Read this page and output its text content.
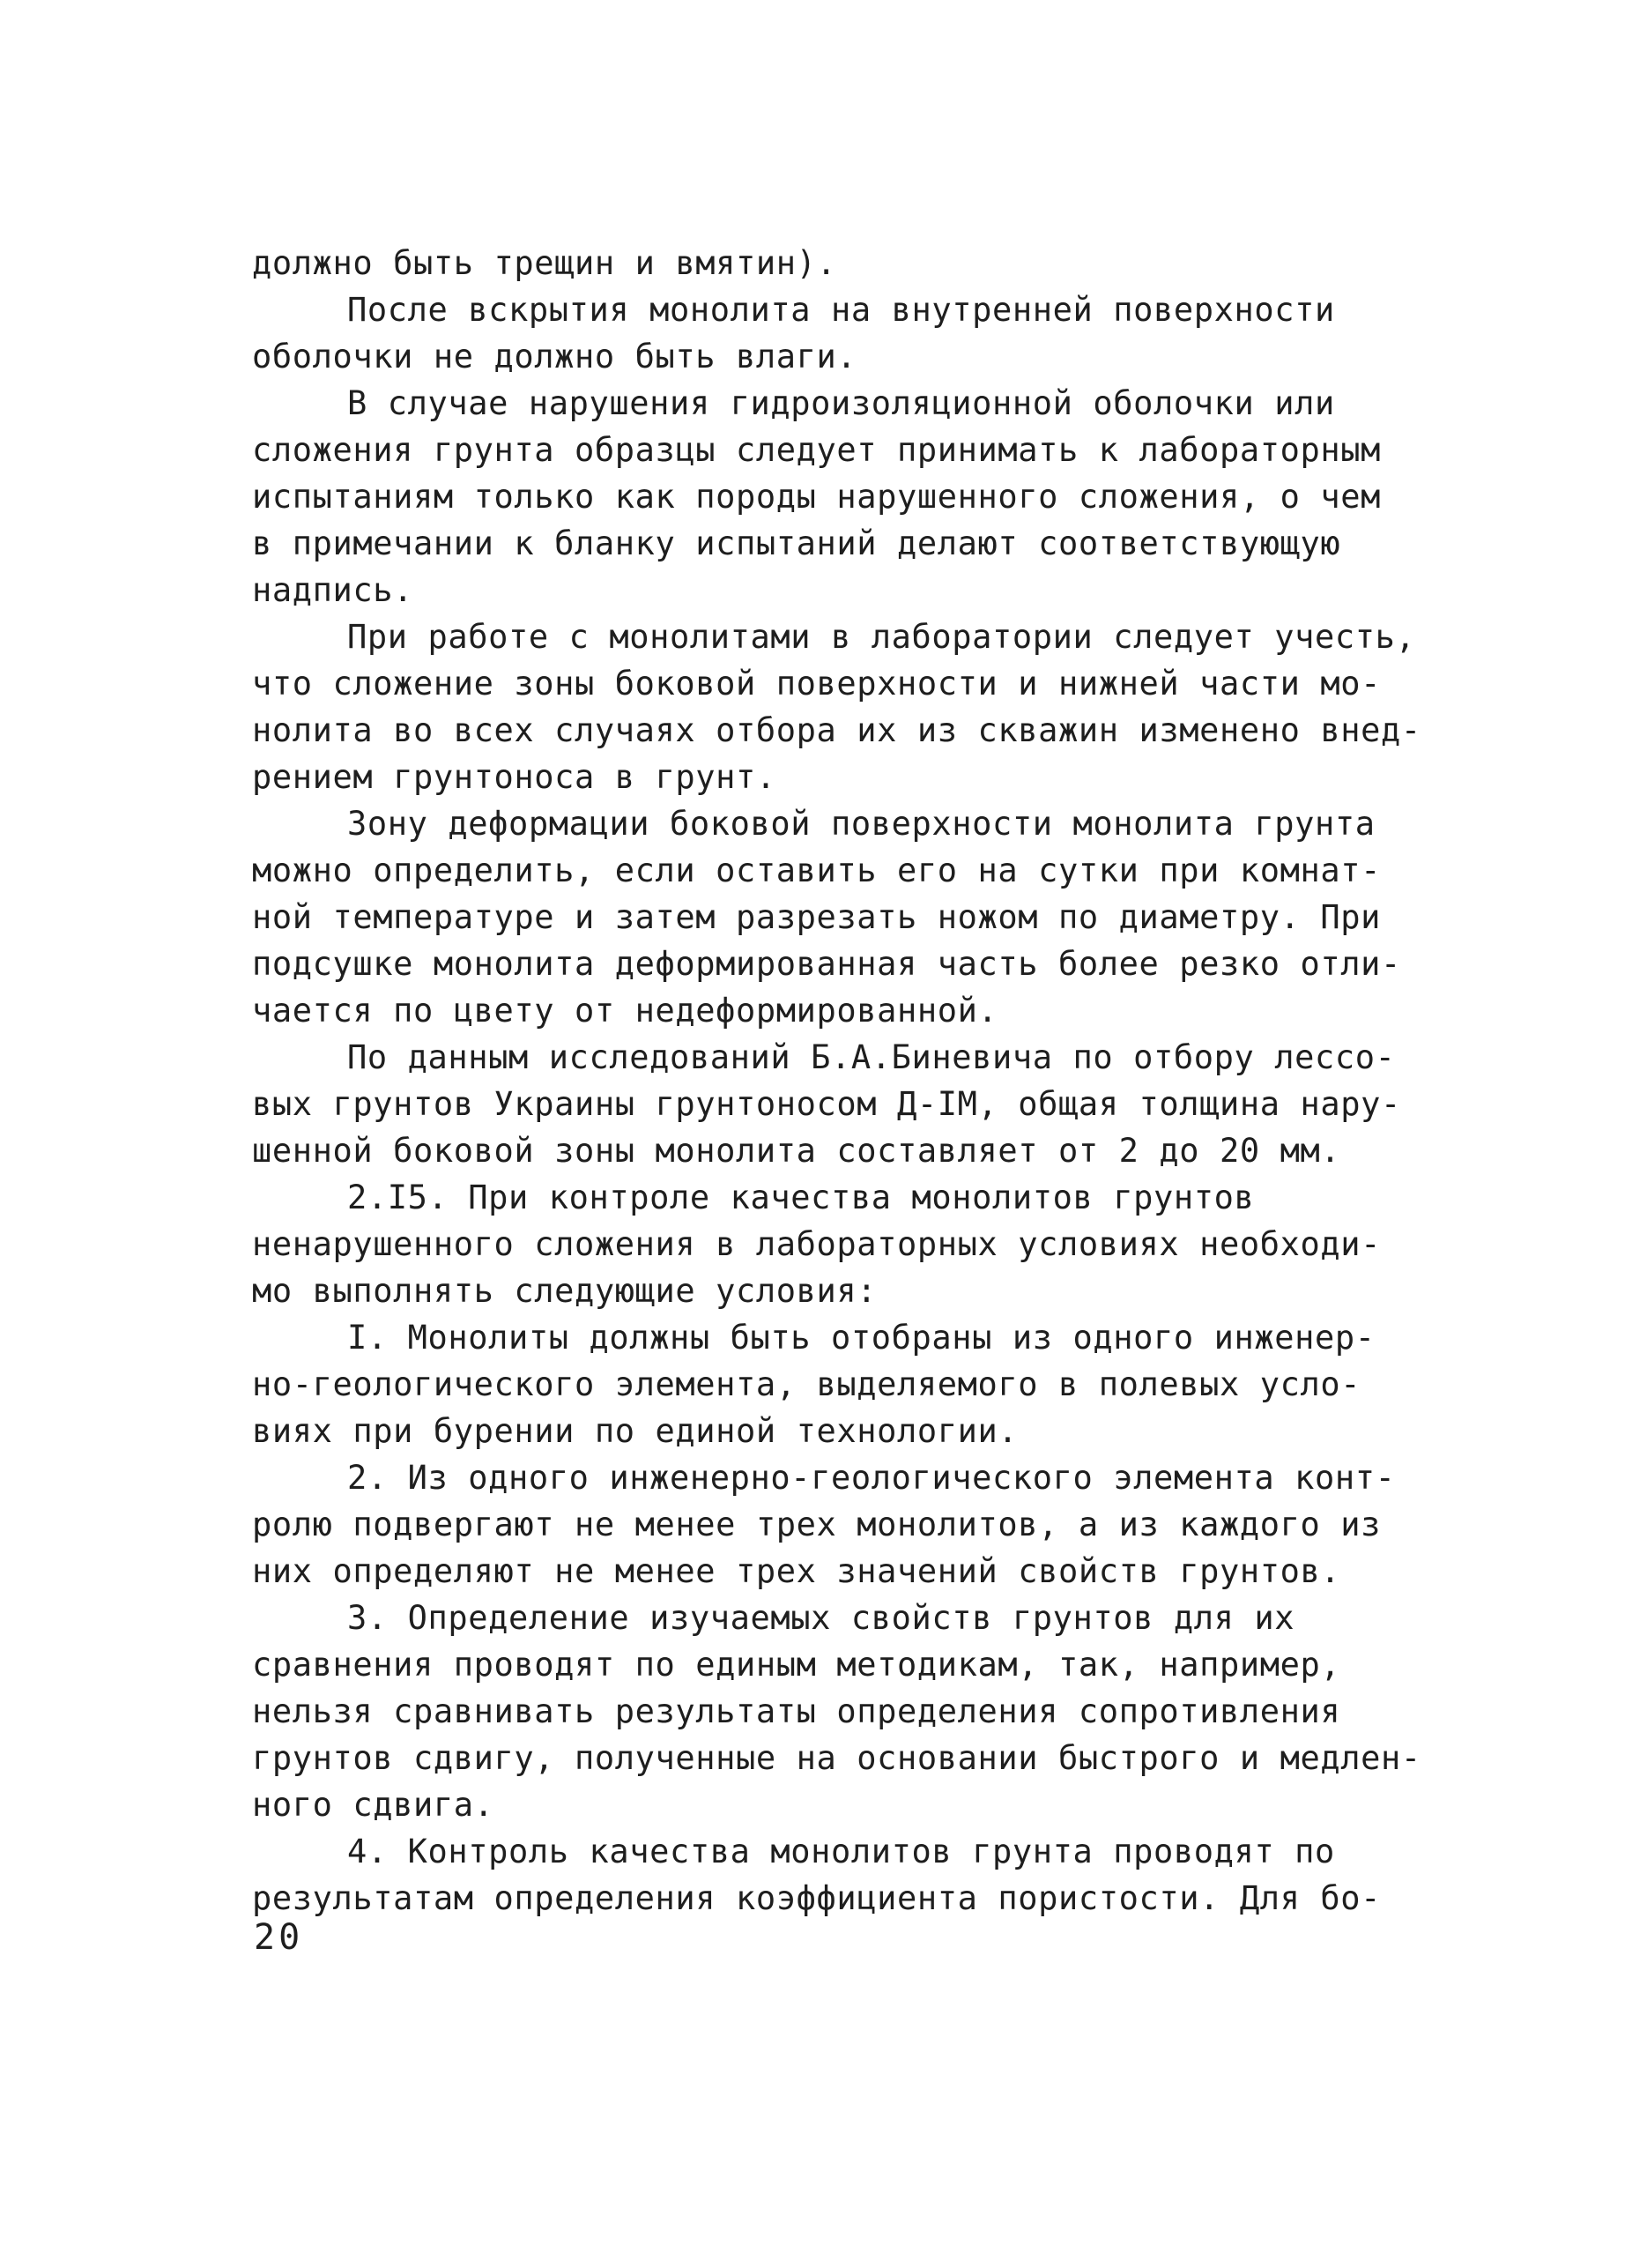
должно быть трещин и вмятин).
После вскрытия монолита на внутренней поверхности
оболочки не должно быть влаги.
В случае нарушения гидроизоляционной оболочки или
сложения грунта образцы следует принимать к лабораторным
испытаниям только как породы нарушенного сложения, о чем
в примечании к бланку испытаний делают соответствующую
надпись.
При работе с монолитами в лаборатории следует учесть,
что сложение зоны боковой поверхности и нижней части мо-
нолита во всех случаях отбора их из скважин изменено внед-
рением грунтоноса в грунт.
Зону деформации боковой поверхности монолита грунта
можно определить, если оставить его на сутки при комнат-
ной температуре и затем разрезать ножом по диаметру. При
подсушке монолита деформированная часть более резко отли-
чается по цвету от недеформированной.
По данным исследований Б.А.Биневича по отбору лессо-
вых грунтов Украины грунтоносом Д-IМ, общая толщина нару-
шенной боковой зоны монолита составляет от 2 до 20 мм.
2.I5. При контроле качества монолитов грунтов
ненарушенного сложения в лабораторных условиях необходи-
мо выполнять следующие условия:
I. Монолиты должны быть отобраны из одного инженер-
но-геологического элемента, выделяемого в полевых усло-
виях при бурении по единой технологии.
2. Из одного инженерно-геологического элемента конт-
ролю подвергают не менее трех монолитов, а из каждого из
них определяют не менее трех значений свойств грунтов.
3. Определение изучаемых свойств грунтов для их
сравнения проводят по единым методикам, так, например,
нельзя сравнивать результаты определения сопротивления
грунтов сдвигу, полученные на основании быстрого и медлен-
ного сдвига.
4. Контроль качества монолитов грунта проводят по
результатам определения коэффициента пористости. Для бо-
20
